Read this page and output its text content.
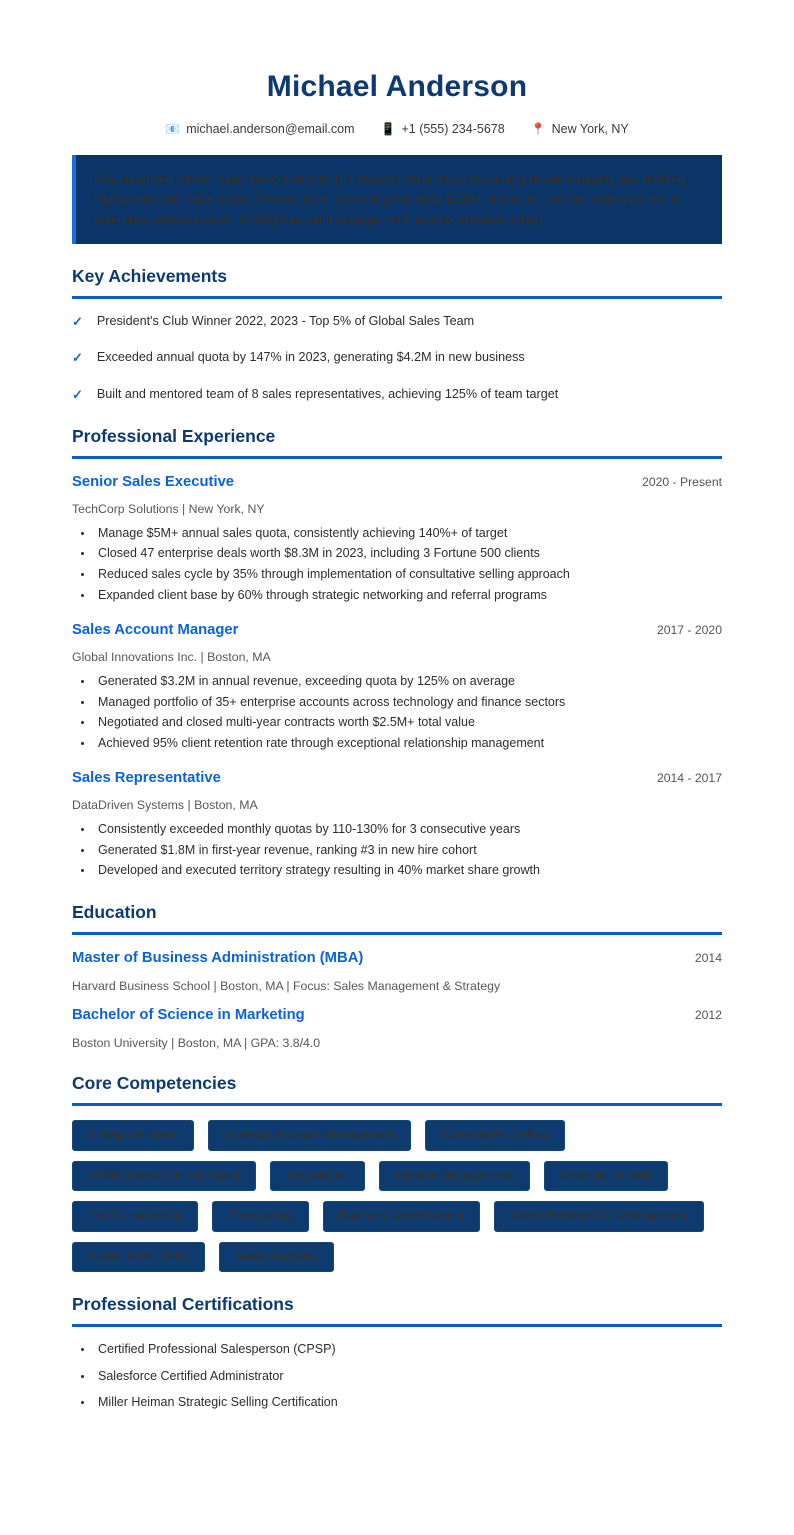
Michael Anderson
📧 michael.anderson@email.com 📱 +1 (555) 234-5678 📍 New York, NY

Results-driven Senior Sales Executive with 10+ years of experience exceeding revenue targets and building high-performing sales teams. Proven track record of generating $15M+ in annual revenue, with expertise in enterprise software sales, strategic account management, and consultative selling.

Key Achievements
✓ President's Club Winner 2022, 2023 - Top 5% of Global Sales Team
✓ Exceeded annual quota by 147% in 2023, generating $4.2M in new business
✓ Built and mentored team of 8 sales representatives, achieving 125% of team target
Professional Experience
Senior Sales Executive	2020 - Present
TechCorp Solutions | New York, NY
• Manage $5M+ annual sales quota, consistently achieving 140%+ of target
• Closed 47 enterprise deals worth $8.3M in 2023, including 3 Fortune 500 clients
• Reduced sales cycle by 35% through implementation of consultative selling approach
• Expanded client base by 60% through strategic networking and referral programs
Sales Account Manager	2017 - 2020
Global Innovations Inc. | Boston, MA
• Generated $3.2M in annual revenue, exceeding quota by 125% on average
• Managed portfolio of 35+ enterprise accounts across technology and finance sectors
• Negotiated and closed multi-year contracts worth $2.5M+ total value
• Achieved 95% client retention rate through exceptional relationship management
Sales Representative	2014 - 2017
DataDriven Systems | Boston, MA
• Consistently exceeded monthly quotas by 110-130% for 3 consecutive years
• Generated $1.8M in first-year revenue, ranking #3 in new hire cohort
• Developed and executed territory strategy resulting in 40% market share growth
Education
Master of Business Administration (MBA)	2014
Harvard Business School | Boston, MA | Focus: Sales Management & Strategy
Bachelor of Science in Marketing	2012
Boston University | Boston, MA | GPA: 3.8/4.0
Core Competencies
Enterprise Sales	Strategic Account Management	Consultative Selling
CRM (Salesforce, HubSpot)	Negotiation	Pipeline Management	Revenue Growth
Team Leadership	Forecasting	Business Development	Client Relationship Management
Presentation Skills	Sales Analytics
Professional Certifications
• Certified Professional Salesperson (CPSP)
• Salesforce Certified Administrator
• Miller Heiman Strategic Selling Certification
